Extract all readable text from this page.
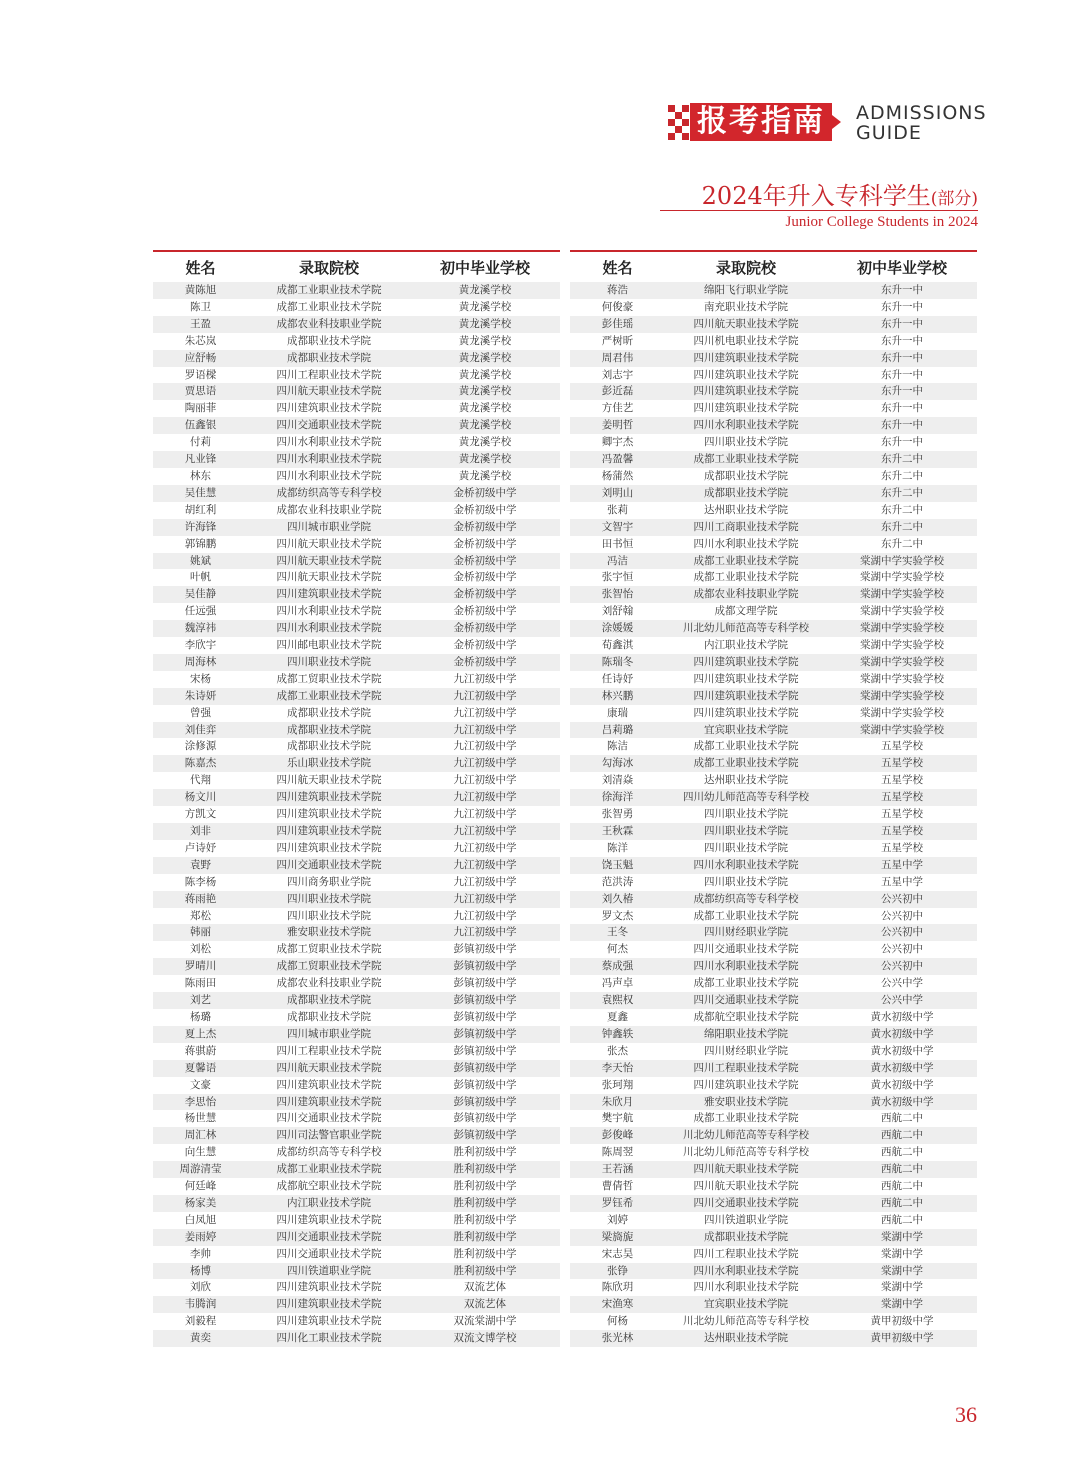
报考指南	ADMISSIONS
GUIDE
2024年升入专科学生(部分)
Junior College Students in 2024
姓名	录取院校	初中毕业学校
黄陈旭	成都工业职业技术学院	黄龙溪学校
陈卫	成都工业职业技术学院	黄龙溪学校
王盈	成都农业科技职业学院	黄龙溪学校
朱芯岚	成都职业技术学院	黄龙溪学校
应舒畅	成都职业技术学院	黄龙溪学校
罗语樑	四川工程职业技术学院	黄龙溪学校
贾思语	四川航天职业技术学院	黄龙溪学校
陶丽菲	四川建筑职业技术学院	黄龙溪学校
伍鑫银	四川交通职业技术学院	黄龙溪学校
付莉	四川水利职业技术学院	黄龙溪学校
凡业锋	四川水利职业技术学院	黄龙溪学校
林东	四川水利职业技术学院	黄龙溪学校
吴佳慧	成都纺织高等专科学校	金桥初级中学
胡红利	成都农业科技职业学院	金桥初级中学
许海锋	四川城市职业学院	金桥初级中学
郭锦鹏	四川航天职业技术学院	金桥初级中学
姚斌	四川航天职业技术学院	金桥初级中学
叶帆	四川航天职业技术学院	金桥初级中学
吴佳静	四川建筑职业技术学院	金桥初级中学
任远强	四川水利职业技术学院	金桥初级中学
魏淳祎	四川水利职业技术学院	金桥初级中学
李欣宇	四川邮电职业技术学院	金桥初级中学
周海林	四川职业技术学院	金桥初级中学
宋杨	成都工贸职业技术学院	九江初级中学
朱诗妍	成都工业职业技术学院	九江初级中学
曾强	成都职业技术学院	九江初级中学
刘佳弈	成都职业技术学院	九江初级中学
涂修源	成都职业技术学院	九江初级中学
陈嘉杰	乐山职业技术学院	九江初级中学
代翔	四川航天职业技术学院	九江初级中学
杨文川	四川建筑职业技术学院	九江初级中学
方凯文	四川建筑职业技术学院	九江初级中学
刘非	四川建筑职业技术学院	九江初级中学
卢诗妤	四川建筑职业技术学院	九江初级中学
袁野	四川交通职业技术学院	九江初级中学
陈李杨	四川商务职业学院	九江初级中学
蒋雨艳	四川职业技术学院	九江初级中学
郑松	四川职业技术学院	九江初级中学
韩丽	雅安职业技术学院	九江初级中学
刘松	成都工贸职业技术学院	彭镇初级中学
罗晴川	成都工贸职业技术学院	彭镇初级中学
陈雨田	成都农业科技职业学院	彭镇初级中学
刘艺	成都职业技术学院	彭镇初级中学
杨璐	成都职业技术学院	彭镇初级中学
夏上杰	四川城市职业学院	彭镇初级中学
蒋骐蔚	四川工程职业技术学院	彭镇初级中学
夏馨语	四川航天职业技术学院	彭镇初级中学
文豪	四川建筑职业技术学院	彭镇初级中学
李思怡	四川建筑职业技术学院	彭镇初级中学
杨世慧	四川交通职业技术学院	彭镇初级中学
周汇林	四川司法警官职业学院	彭镇初级中学
向生慧	成都纺织高等专科学校	胜利初级中学
周游清莹	成都工业职业技术学院	胜利初级中学
何廷峰	成都航空职业技术学院	胜利初级中学
杨家美	内江职业技术学院	胜利初级中学
白凤旭	四川建筑职业技术学院	胜利初级中学
姜雨婷	四川交通职业技术学院	胜利初级中学
李帅	四川交通职业技术学院	胜利初级中学
杨博	四川铁道职业学院	胜利初级中学
刘欣	四川建筑职业技术学院	双流艺体
韦腾润	四川建筑职业技术学院	双流艺体
刘毅程	四川建筑职业技术学院	双流棠湖中学
黄奕	四川化工职业技术学院	双流文博学校
姓名	录取院校	初中毕业学校
蒋浩	绵阳飞行职业学院	东升一中
何俊豪	南充职业技术学院	东升一中
彭佳瑶	四川航天职业技术学院	东升一中
严树昕	四川机电职业技术学院	东升一中
周君伟	四川建筑职业技术学院	东升一中
刘志宇	四川建筑职业技术学院	东升一中
彭近磊	四川建筑职业技术学院	东升一中
方佳艺	四川建筑职业技术学院	东升一中
姜明哲	四川水利职业技术学院	东升一中
卿宇杰	四川职业技术学院	东升一中
冯盈馨	成都工业职业技术学院	东升二中
杨蒲然	成都职业技术学院	东升二中
刘明山	成都职业技术学院	东升二中
张莉	达州职业技术学院	东升二中
文智宇	四川工商职业技术学院	东升二中
田书恒	四川水利职业技术学院	东升二中
冯洁	成都工业职业技术学院	棠湖中学实验学校
张宇恒	成都工业职业技术学院	棠湖中学实验学校
张智怡	成都农业科技职业学院	棠湖中学实验学校
刘舒翰	成都文理学院	棠湖中学实验学校
涂媛媛	川北幼儿师范高等专科学校	棠湖中学实验学校
荀鑫淇	内江职业技术学院	棠湖中学实验学校
陈瑞冬	四川建筑职业技术学院	棠湖中学实验学校
任诗妤	四川建筑职业技术学院	棠湖中学实验学校
林兴鹏	四川建筑职业技术学院	棠湖中学实验学校
康瑞	四川建筑职业技术学院	棠湖中学实验学校
吕莉璐	宜宾职业技术学院	棠湖中学实验学校
陈洁	成都工业职业技术学院	五星学校
勾海冰	成都工业职业技术学院	五星学校
刘清焱	达州职业技术学院	五星学校
徐海洋	四川幼儿师范高等专科学校	五星学校
张智勇	四川职业技术学院	五星学校
王秋霖	四川职业技术学院	五星学校
陈洋	四川职业技术学院	五星学校
饶玉魁	四川水利职业技术学院	五星中学
范洪涛	四川职业技术学院	五星中学
刘久椿	成都纺织高等专科学校	公兴初中
罗文杰	成都工业职业技术学院	公兴初中
王冬	四川财经职业学院	公兴初中
何杰	四川交通职业技术学院	公兴初中
蔡成强	四川水利职业技术学院	公兴初中
冯声卓	成都工业职业技术学院	公兴中学
袁熙权	四川交通职业技术学院	公兴中学
夏鑫	成都航空职业技术学院	黄水初级中学
钟鑫轶	绵阳职业技术学院	黄水初级中学
张杰	四川财经职业学院	黄水初级中学
李天怡	四川工程职业技术学院	黄水初级中学
张珂翔	四川建筑职业技术学院	黄水初级中学
朱欣月	雅安职业技术学院	黄水初级中学
樊宇航	成都工业职业技术学院	西航二中
彭俊峰	川北幼儿师范高等专科学校	西航二中
陈周翌	川北幼儿师范高等专科学校	西航二中
王若涵	四川航天职业技术学院	西航二中
曹倩哲	四川航天职业技术学院	西航二中
罗钰希	四川交通职业技术学院	西航二中
刘婷	四川铁道职业学院	西航二中
梁旖旎	成都职业技术学院	棠湖中学
宋志昊	四川工程职业技术学院	棠湖中学
张铮	四川水利职业技术学院	棠湖中学
陈欣玥	四川水利职业技术学院	棠湖中学
宋渔寒	宜宾职业技术学院	棠湖中学
何杨	川北幼儿师范高等专科学校	黄甲初级中学
张光林	达州职业技术学院	黄甲初级中学
36
